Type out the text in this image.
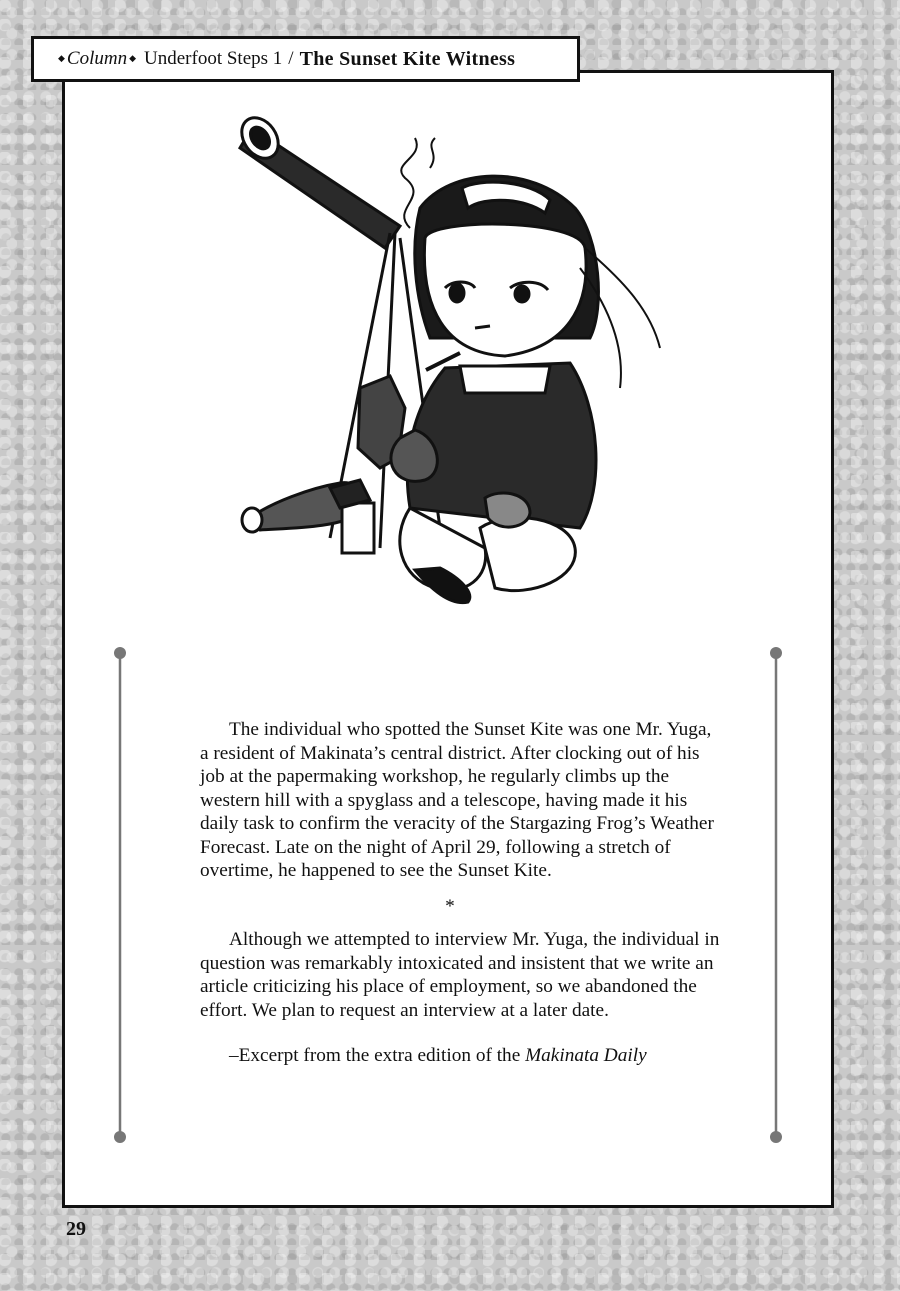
◆ Column ◆ Underfoot Steps 1 / The Sunset Kite Witness

The individual who spotted the Sunset Kite was one Mr. Yuga, a resident of Makinata’s central district. After clocking out of his job at the papermaking workshop, he regularly climbs up the western hill with a spyglass and a telescope, having made it his daily task to confirm the veracity of the Stargazing Frog’s Weather Forecast. Late on the night of April 29, following a stretch of overtime, he happened to see the Sunset Kite.

*

Although we attempted to interview Mr. Yuga, the individual in question was remarkably intoxicated and insistent that we write an article criticizing his place of employment, so we abandoned the effort. We plan to request an interview at a later date.

–Excerpt from the extra edition of the Makinata Daily

29
